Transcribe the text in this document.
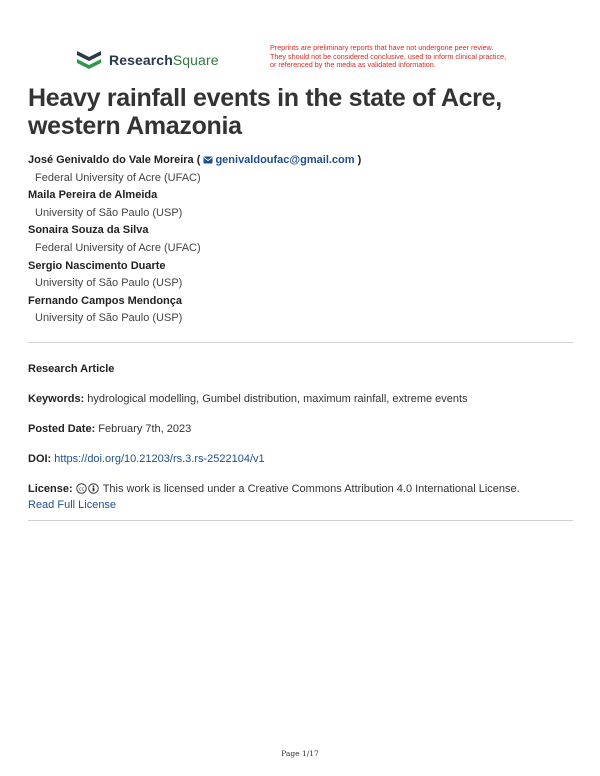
ResearchSquare
Preprints are preliminary reports that have not undergone peer review.
They should not be considered conclusive, used to inform clinical practice,
or referenced by the media as validated information.
Heavy rainfall events in the state of Acre, western Amazonia
José Genivaldo do Vale Moreira ( genivaldoufac@gmail.com )
Federal University of Acre (UFAC)
Maila Pereira de Almeida
University of São Paulo (USP)
Sonaira Souza da Silva
Federal University of Acre (UFAC)
Sergio Nascimento Duarte
University of São Paulo (USP)
Fernando Campos Mendonça
University of São Paulo (USP)
Research Article
Keywords: hydrological modelling, Gumbel distribution, maximum rainfall, extreme events
Posted Date: February 7th, 2023
DOI: https://doi.org/10.21203/rs.3.rs-2522104/v1
License: cc This work is licensed under a Creative Commons Attribution 4.0 International License.
Read Full License
Page 1/17
